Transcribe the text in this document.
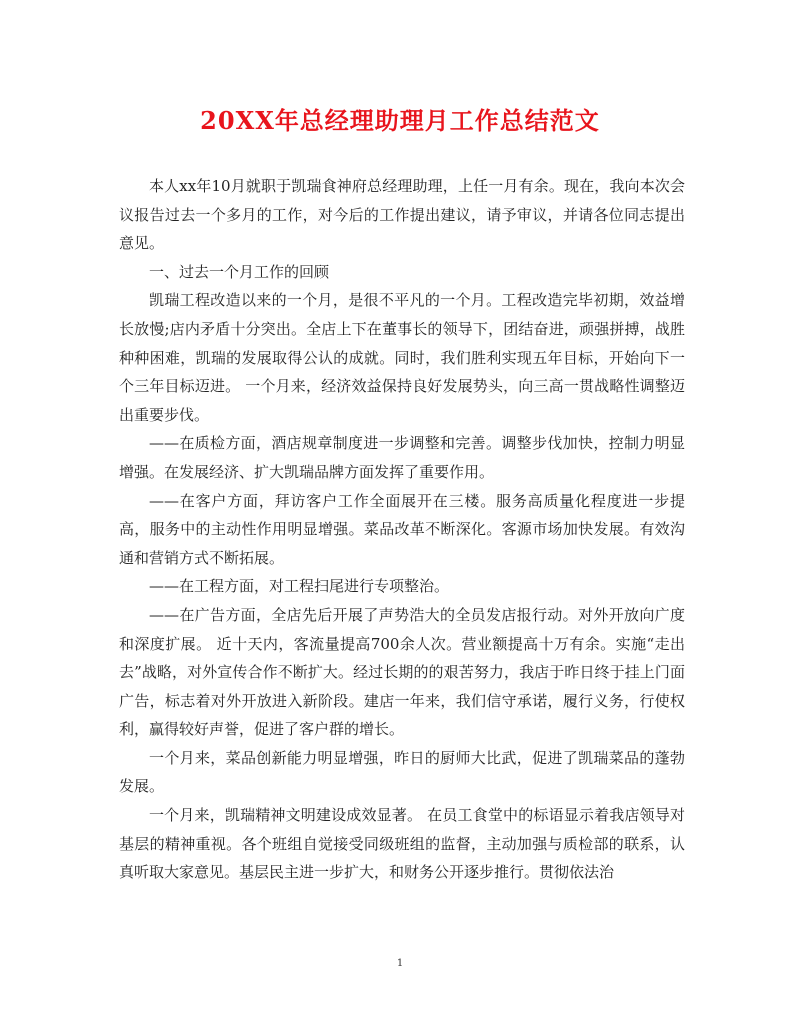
20XX年总经理助理月工作总结范文

本人xx年10月就职于凯瑞食神府总经理助理，上任一月有余。现在，我向本次会议报告过去一个多月的工作，对今后的工作提出建议，请予审议，并请各位同志提出意见。

一、过去一个月工作的回顾

凯瑞工程改造以来的一个月，是很不平凡的一个月。工程改造完毕初期，效益增长放慢;店内矛盾十分突出。全店上下在董事长的领导下，团结奋进，顽强拼搏，战胜种种困难，凯瑞的发展取得公认的成就。同时，我们胜利实现五年目标，开始向下一个三年目标迈进。 一个月来，经济效益保持良好发展势头，向三高一贯战略性调整迈出重要步伐。

——在质检方面，酒店规章制度进一步调整和完善。调整步伐加快，控制力明显增强。在发展经济、扩大凯瑞品牌方面发挥了重要作用。

——在客户方面，拜访客户工作全面展开在三楼。服务高质量化程度进一步提高，服务中的主动性作用明显增强。菜品改革不断深化。客源市场加快发展。有效沟通和营销方式不断拓展。

——在工程方面，对工程扫尾进行专项整治。

——在广告方面，全店先后开展了声势浩大的全员发店报行动。对外开放向广度和深度扩展。 近十天内，客流量提高700余人次。营业额提高十万有余。实施“走出去”战略，对外宣传合作不断扩大。经过长期的的艰苦努力，我店于昨日终于挂上门面广告，标志着对外开放进入新阶段。建店一年来，我们信守承诺，履行义务，行使权利，赢得较好声誉，促进了客户群的增长。

一个月来，菜品创新能力明显增强，昨日的厨师大比武，促进了凯瑞菜品的蓬勃发展。

一个月来，凯瑞精神文明建设成效显著。 在员工食堂中的标语显示着我店领导对基层的精神重视。各个班组自觉接受同级班组的监督，主动加强与质检部的联系，认真听取大家意见。基层民主进一步扩大，和财务公开逐步推行。贯彻依法治

1
